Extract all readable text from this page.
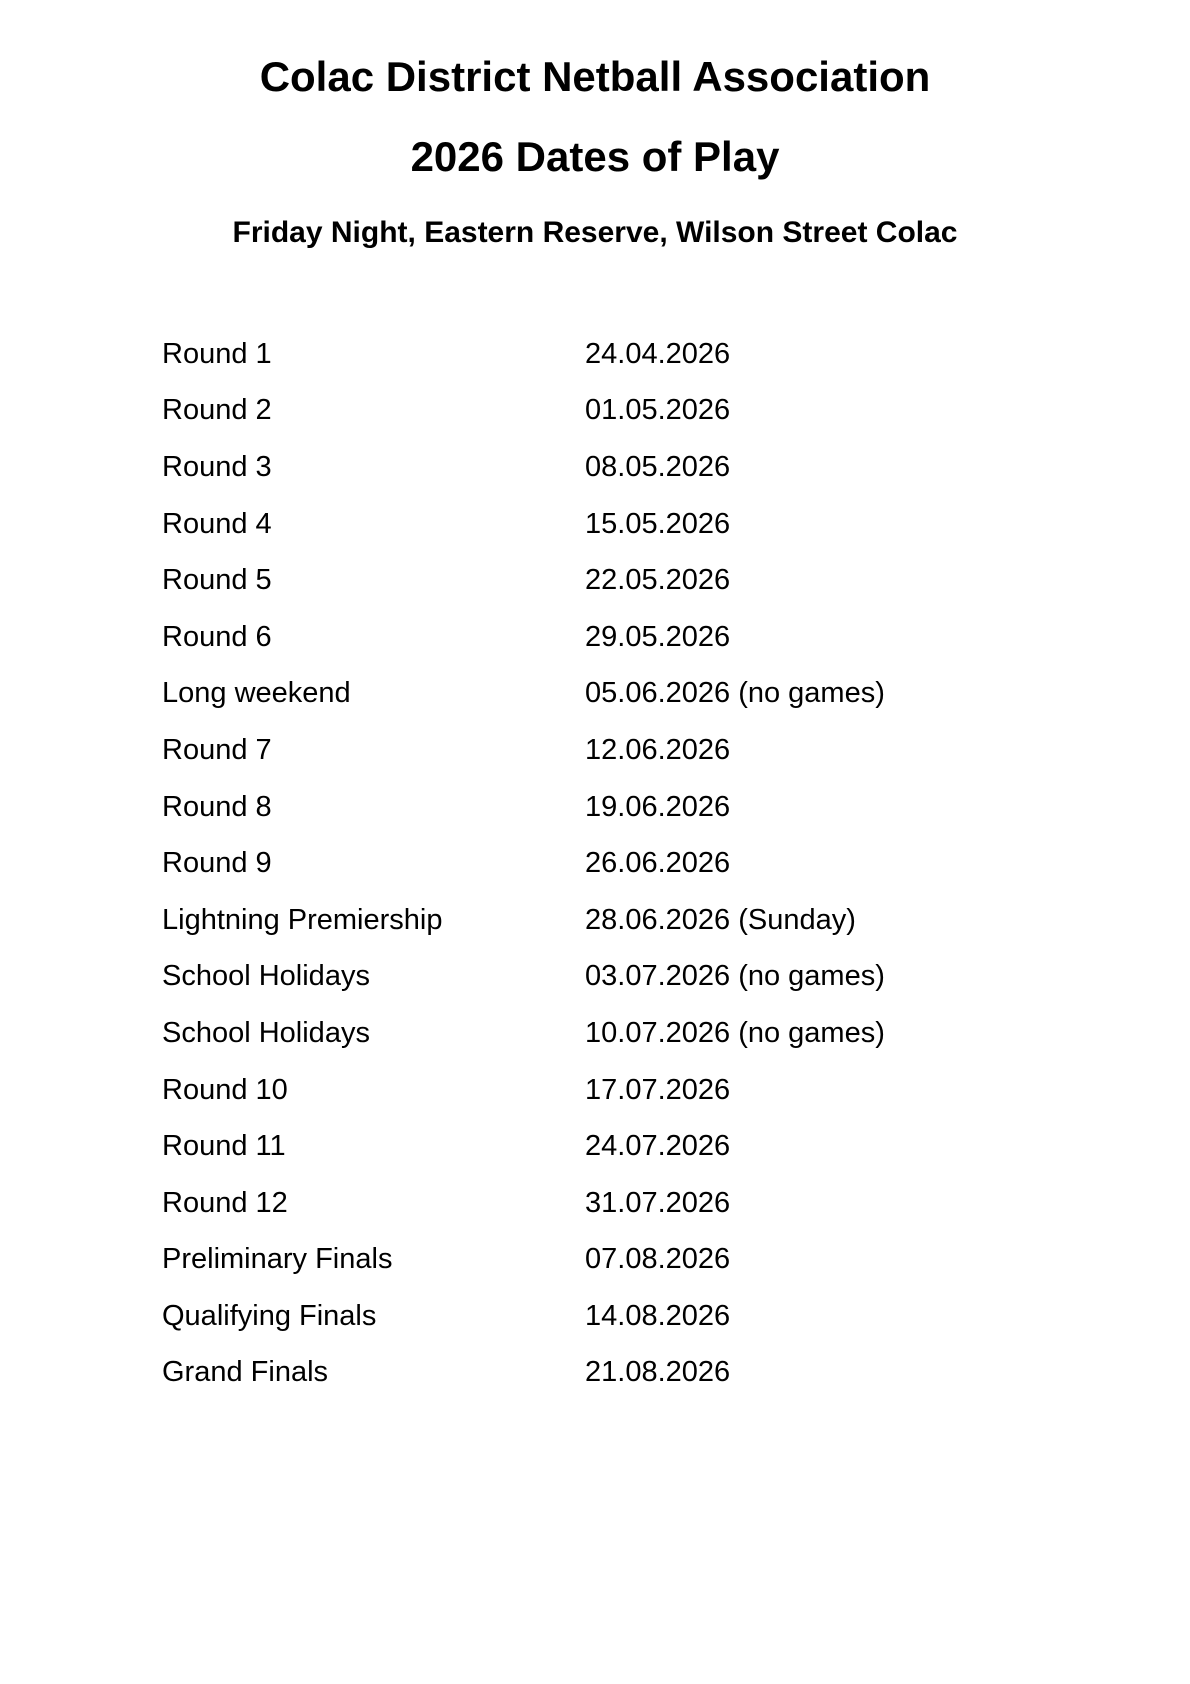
Colac District Netball Association
2026 Dates of Play
Friday Night, Eastern Reserve, Wilson Street Colac
Round 1	24.04.2026
Round 2	01.05.2026
Round 3	08.05.2026
Round 4	15.05.2026
Round 5	22.05.2026
Round 6	29.05.2026
Long weekend	05.06.2026 (no games)
Round 7	12.06.2026
Round 8	19.06.2026
Round 9	26.06.2026
Lightning Premiership	28.06.2026 (Sunday)
School Holidays	03.07.2026 (no games)
School Holidays	10.07.2026 (no games)
Round 10	17.07.2026
Round 11	24.07.2026
Round 12	31.07.2026
Preliminary Finals	07.08.2026
Qualifying Finals	14.08.2026
Grand Finals	21.08.2026
